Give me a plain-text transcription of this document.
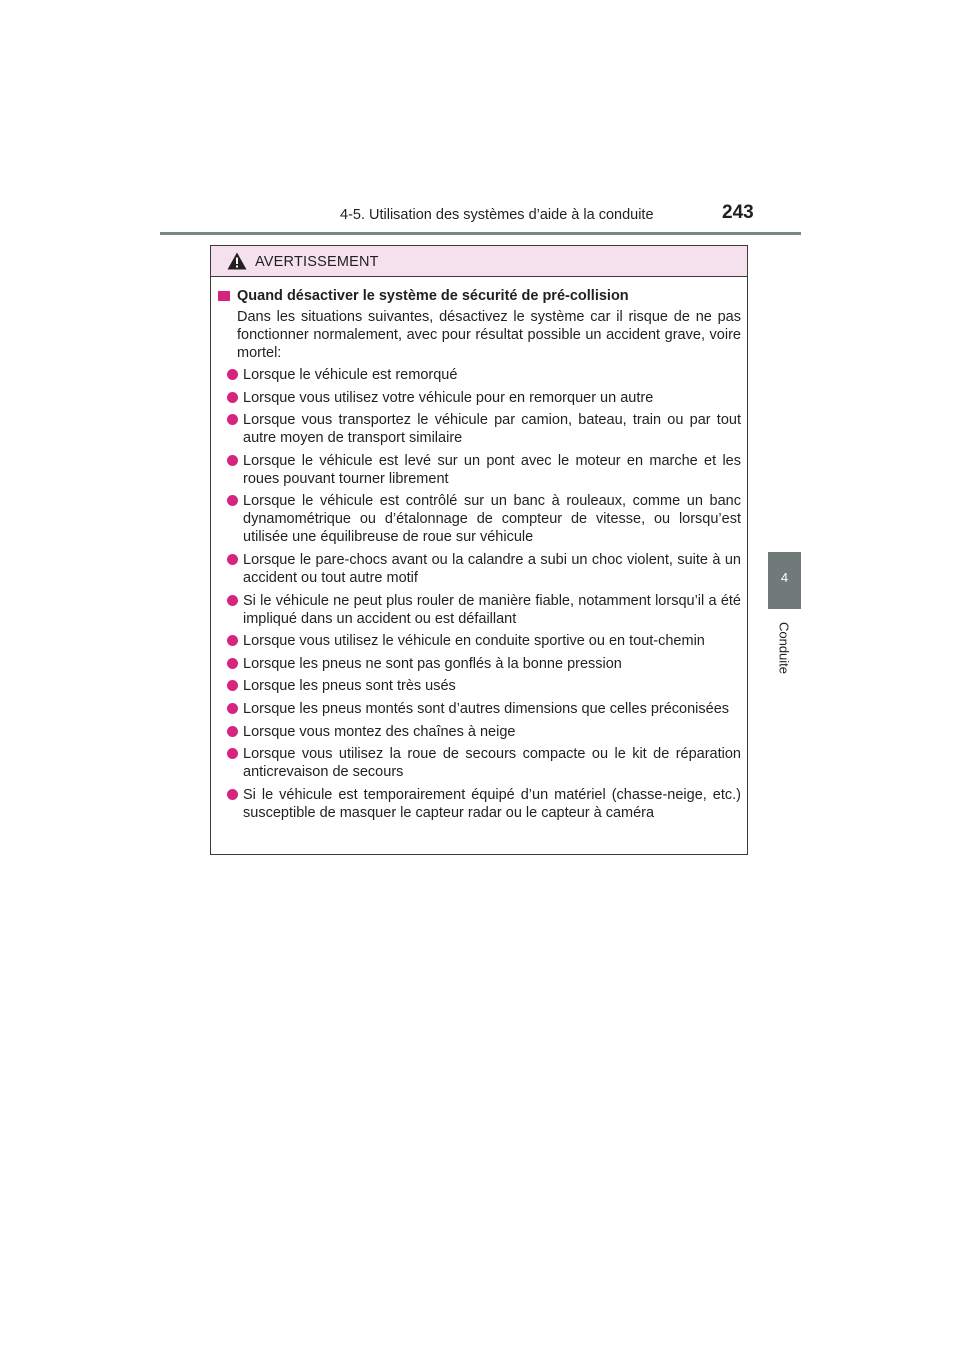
4-5. Utilisation des systèmes d’aide à la conduite	243
4
Conduite
AVERTISSEMENT
Quand désactiver le système de sécurité de pré-collision
Dans les situations suivantes, désactivez le système car il risque de ne pas fonctionner normalement, avec pour résultat possible un accident grave, voire mortel:
Lorsque le véhicule est remorqué
Lorsque vous utilisez votre véhicule pour en remorquer un autre
Lorsque vous transportez le véhicule par camion, bateau, train ou par tout autre moyen de transport similaire
Lorsque le véhicule est levé sur un pont avec le moteur en marche et les roues pouvant tourner librement
Lorsque le véhicule est contrôlé sur un banc à rouleaux, comme un banc dynamométrique ou d’étalonnage de compteur de vitesse, ou lorsqu’est utilisée une équilibreuse de roue sur véhicule
Lorsque le pare-chocs avant ou la calandre a subi un choc violent, suite à un accident ou tout autre motif
Si le véhicule ne peut plus rouler de manière fiable, notamment lorsqu’il a été impliqué dans un accident ou est défaillant
Lorsque vous utilisez le véhicule en conduite sportive ou en tout-chemin
Lorsque les pneus ne sont pas gonflés à la bonne pression
Lorsque les pneus sont très usés
Lorsque les pneus montés sont d’autres dimensions que celles préconisées
Lorsque vous montez des chaînes à neige
Lorsque vous utilisez la roue de secours compacte ou le kit de réparation anticrevaison de secours
Si le véhicule est temporairement équipé d’un matériel (chasse-neige, etc.) susceptible de masquer le capteur radar ou le capteur à caméra
